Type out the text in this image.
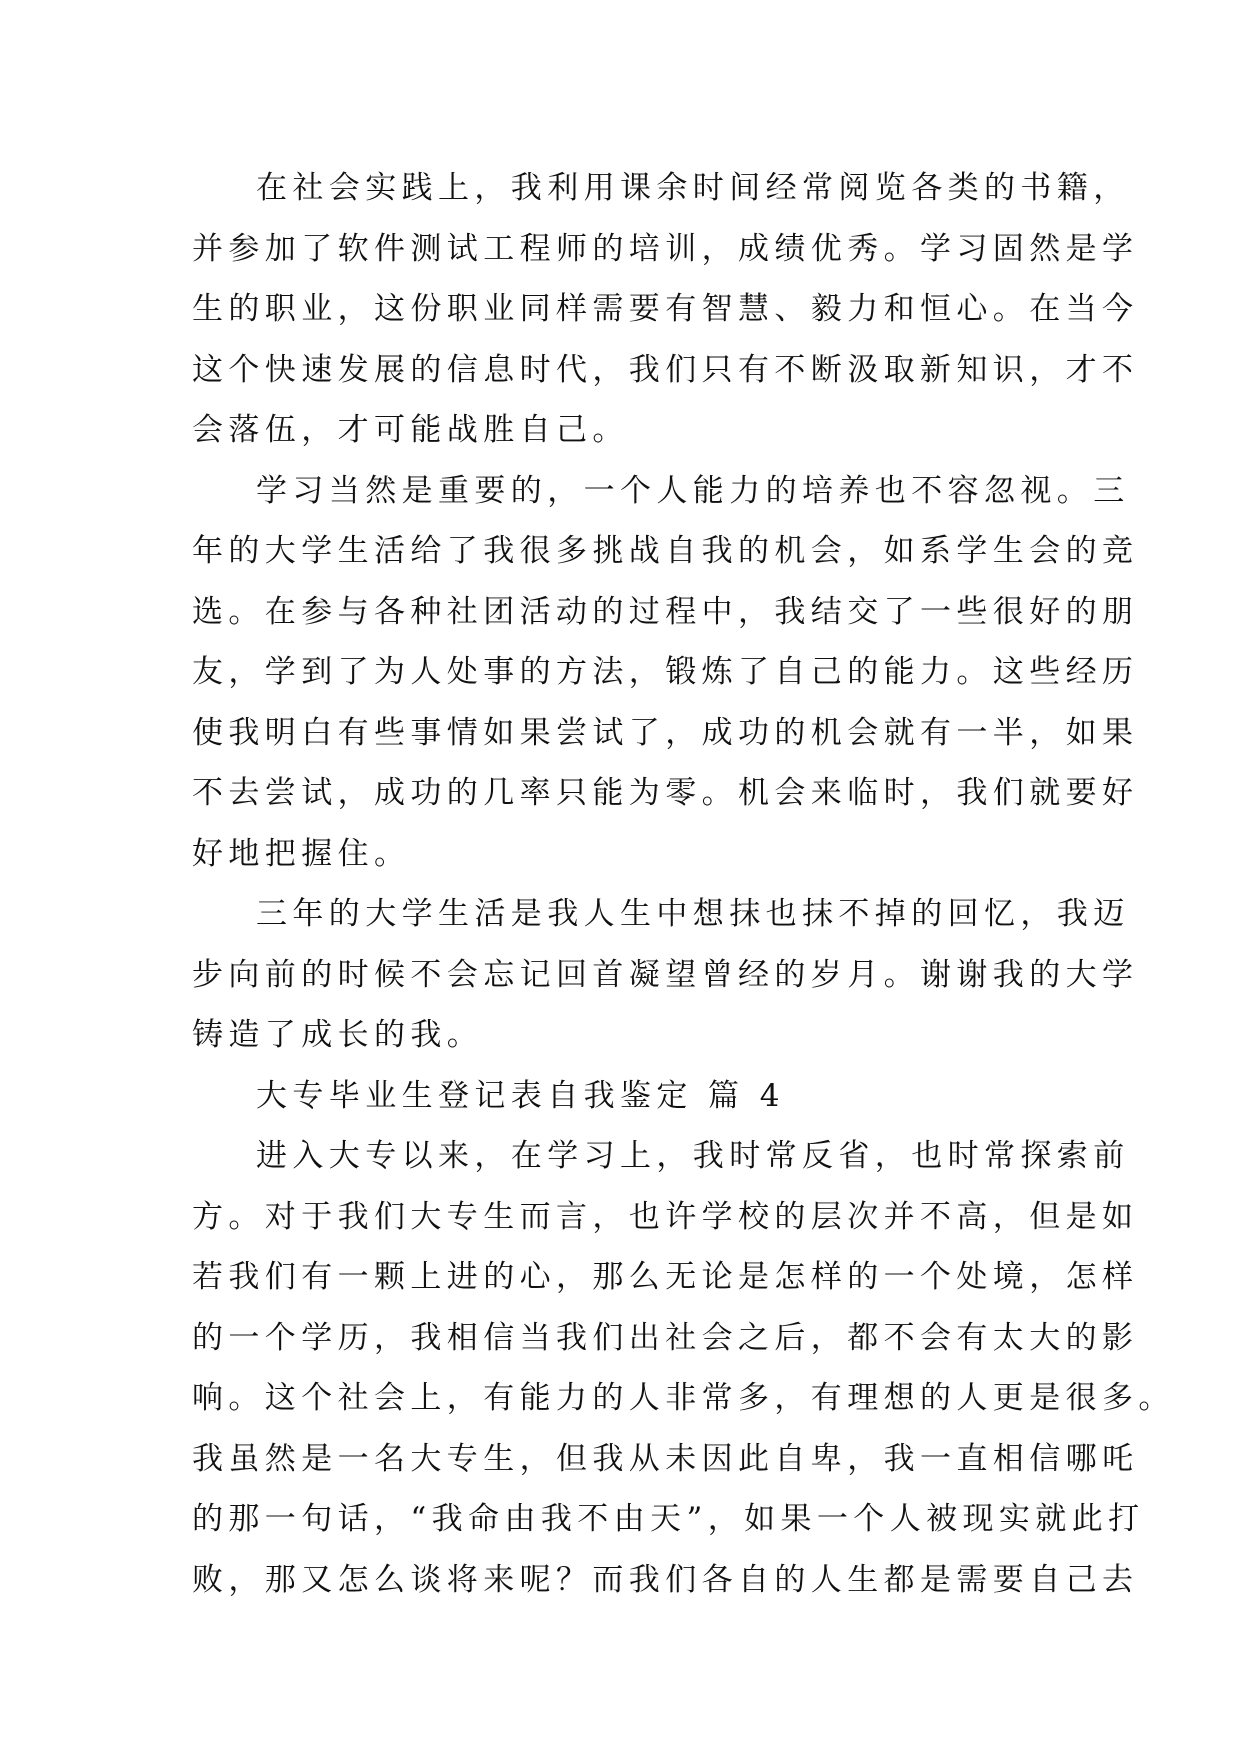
在社会实践上，我利用课余时间经常阅览各类的书籍，
并参加了软件测试工程师的培训，成绩优秀。学习固然是学
生的职业，这份职业同样需要有智慧、毅力和恒心。在当今
这个快速发展的信息时代，我们只有不断汲取新知识，才不
会落伍，才可能战胜自己。
学习当然是重要的，一个人能力的培养也不容忽视。三
年的大学生活给了我很多挑战自我的机会，如系学生会的竞
选。在参与各种社团活动的过程中，我结交了一些很好的朋
友，学到了为人处事的方法，锻炼了自己的能力。这些经历
使我明白有些事情如果尝试了，成功的机会就有一半，如果
不去尝试，成功的几率只能为零。机会来临时，我们就要好
好地把握住。
三年的大学生活是我人生中想抹也抹不掉的回忆，我迈
步向前的时候不会忘记回首凝望曾经的岁月。谢谢我的大学
铸造了成长的我。
大专毕业生登记表自我鉴定 篇 4
进入大专以来，在学习上，我时常反省，也时常探索前
方。对于我们大专生而言，也许学校的层次并不高，但是如
若我们有一颗上进的心，那么无论是怎样的一个处境，怎样
的一个学历，我相信当我们出社会之后，都不会有太大的影
响。这个社会上，有能力的人非常多，有理想的人更是很多。
我虽然是一名大专生，但我从未因此自卑，我一直相信哪吒
的那一句话，“我命由我不由天”，如果一个人被现实就此打
败，那又怎么谈将来呢？而我们各自的人生都是需要自己去
